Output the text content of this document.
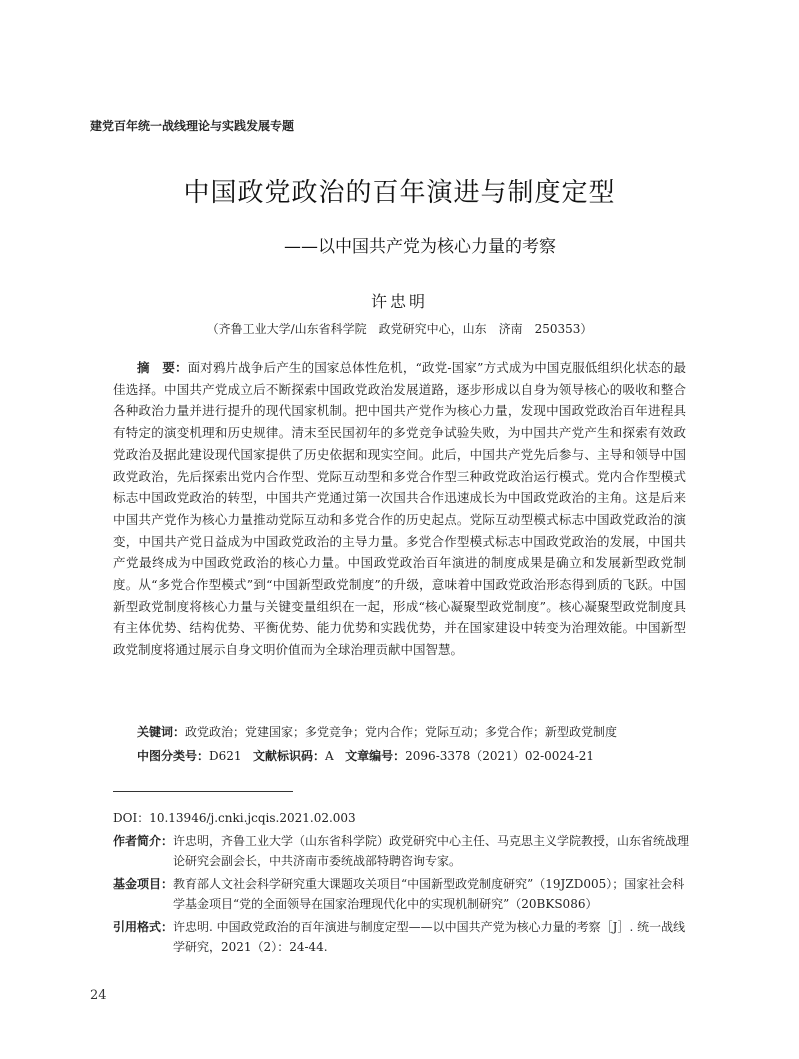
建党百年统一战线理论与实践发展专题
中国政党政治的百年演进与制度定型
——以中国共产党为核心力量的考察
许忠明
（齐鲁工业大学/山东省科学院　政党研究中心，山东　济南　250353）
摘　要：面对鸦片战争后产生的国家总体性危机，“政党-国家”方式成为中国克服低组织化状态的最佳选择。中国共产党成立后不断探索中国政党政治发展道路，逐步形成以自身为领导核心的吸收和整合各种政治力量并进行提升的现代国家机制。把中国共产党作为核心力量，发现中国政党政治百年进程具有特定的演变机理和历史规律。清末至民国初年的多党竞争试验失败，为中国共产党产生和探索有效政党政治及据此建设现代国家提供了历史依据和现实空间。此后，中国共产党先后参与、主导和领导中国政党政治，先后探索出党内合作型、党际互动型和多党合作型三种政党政治运行模式。党内合作型模式标志中国政党政治的转型，中国共产党通过第一次国共合作迅速成长为中国政党政治的主角。这是后来中国共产党作为核心力量推动党际互动和多党合作的历史起点。党际互动型模式标志中国政党政治的演变，中国共产党日益成为中国政党政治的主导力量。多党合作型模式标志中国政党政治的发展，中国共产党最终成为中国政党政治的核心力量。中国政党政治百年演进的制度成果是确立和发展新型政党制度。从“多党合作型模式”到“中国新型政党制度”的升级，意味着中国政党政治形态得到质的飞跃。中国新型政党制度将核心力量与关键变量组织在一起，形成“核心凝聚型政党制度”。核心凝聚型政党制度具有主体优势、结构优势、平衡优势、能力优势和实践优势，并在国家建设中转变为治理效能。中国新型政党制度将通过展示自身文明价值而为全球治理贡献中国智慧。
关键词：政党政治；党建国家；多党竞争；党内合作；党际互动；多党合作；新型政党制度
中图分类号：D621 文献标识码：A 文章编号：2096-3378（2021）02-0024-21
DOI：10.13946/j.cnki.jcqis.2021.02.003
作者简介： 许忠明，齐鲁工业大学（山东省科学院）政党研究中心主任、马克思主义学院教授，山东省统战理论研究会副会长，中共济南市委统战部特聘咨询专家。
基金项目： 教育部人文社会科学研究重大课题攻关项目“中国新型政党制度研究”（19JZD005）；国家社会科学基金项目“党的全面领导在国家治理现代化中的实现机制研究”（20BKS086）
引用格式： 许忠明. 中国政党政治的百年演进与制度定型——以中国共产党为核心力量的考察［J］. 统一战线学研究，2021（2）：24-44.
24
